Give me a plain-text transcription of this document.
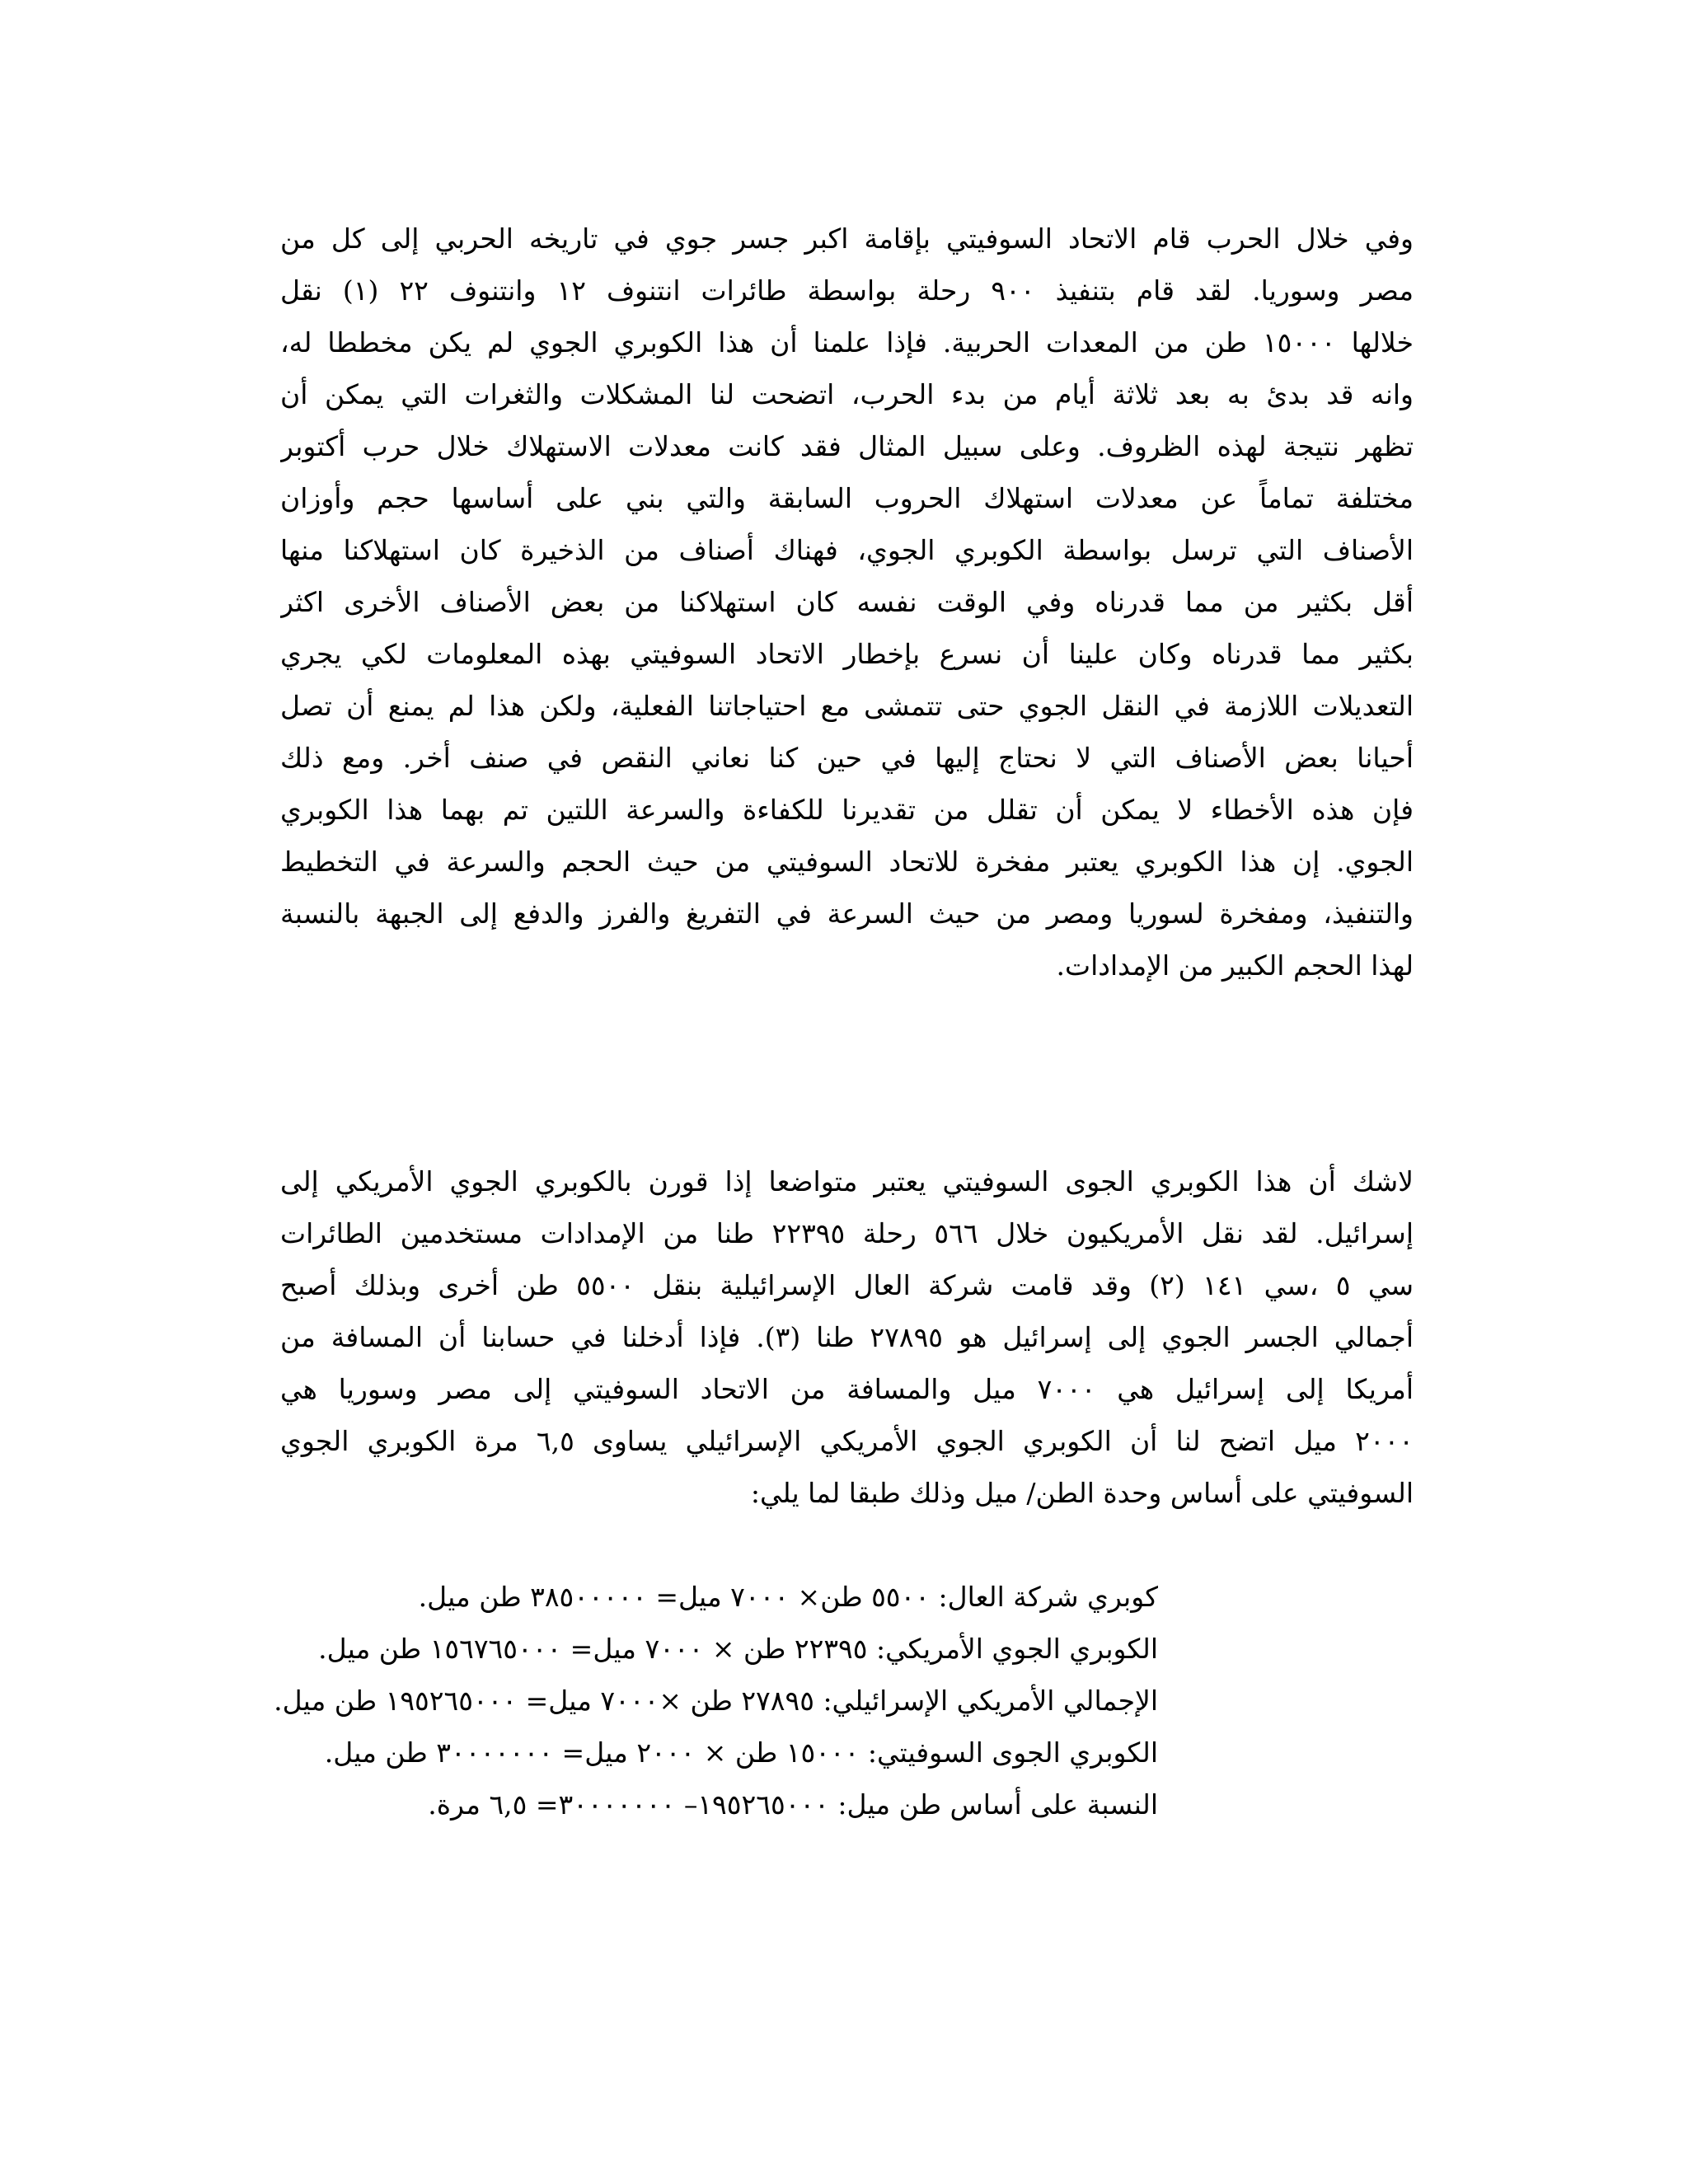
وفي خلال الحرب قام الاتحاد السوفيتي بإقامة اكبر جسر جوي في تاريخه الحربي إلى كل من
مصر وسوريا. لقد قام بتنفيذ ٩٠٠ رحلة بواسطة طائرات انتنوف ١٢ وانتنوف ٢٢ (١) نقل
خلالها ١٥٠٠٠ طن من المعدات الحربية. فإذا علمنا أن هذا الكوبري الجوي لم يكن مخططا له،
وانه قد بدئ به بعد ثلاثة أيام من بدء الحرب، اتضحت لنا المشكلات والثغرات التي يمكن أن
تظهر نتيجة لهذه الظروف. وعلى سبيل المثال فقد كانت معدلات الاستهلاك خلال حرب أكتوبر
مختلفة تماماً عن معدلات استهلاك الحروب السابقة والتي بني على أساسها حجم وأوزان
الأصناف التي ترسل بواسطة الكوبري الجوي، فهناك أصناف من الذخيرة كان استهلاكنا منها
أقل بكثير من مما قدرناه وفي الوقت نفسه كان استهلاكنا من بعض الأصناف الأخرى اكثر
بكثير مما قدرناه وكان علينا أن نسرع بإخطار الاتحاد السوفيتي بهذه المعلومات لكي يجري
التعديلات اللازمة في النقل الجوي حتى تتمشى مع احتياجاتنا الفعلية، ولكن هذا لم يمنع أن تصل
أحيانا بعض الأصناف التي لا نحتاج إليها في حين كنا نعاني النقص في صنف أخر. ومع ذلك
فإن هذه الأخطاء لا يمكن أن تقلل من تقديرنا للكفاءة والسرعة اللتين تم بهما هذا الكوبري
الجوي. إن هذا الكوبري يعتبر مفخرة للاتحاد السوفيتي من حيث الحجم والسرعة في التخطيط
والتنفيذ، ومفخرة لسوريا ومصر من حيث السرعة في التفريغ والفرز والدفع إلى الجبهة بالنسبة
لهذا الحجم الكبير من الإمدادات.
لاشك أن هذا الكوبري الجوى السوفيتي يعتبر متواضعا إذا قورن بالكوبري الجوي الأمريكي إلى
إسرائيل. لقد نقل الأمريكيون خلال ٥٦٦ رحلة ٢٢٣٩٥ طنا من الإمدادات مستخدمين الطائرات
سي ٥ ،سي ١٤١ (٢) وقد قامت شركة العال الإسرائيلية بنقل ٥٥٠٠ طن أخرى وبذلك أصبح
أجمالي الجسر الجوي إلى إسرائيل هو ٢٧٨٩٥ طنا (٣). فإذا أدخلنا في حسابنا أن المسافة من
أمريكا إلى إسرائيل هي ٧٠٠٠ ميل والمسافة من الاتحاد السوفيتي إلى مصر وسوريا هي
٢٠٠٠ ميل اتضح لنا أن الكوبري الجوي الأمريكي الإسرائيلي يساوى ٦,٥ مرة الكوبري الجوي
السوفيتي على أساس وحدة الطن/ ميل وذلك طبقا لما يلي:
كوبري شركة العال: ٥٥٠٠ طن× ٧٠٠٠ ميل= ٣٨٥٠٠٠٠٠ طن ميل.
الكوبري الجوي الأمريكي: ٢٢٣٩٥ طن × ٧٠٠٠ ميل= ١٥٦٧٦٥٠٠٠ طن ميل.
الإجمالي الأمريكي الإسرائيلي: ٢٧٨٩٥ طن ×٧٠٠٠ ميل= ١٩٥٢٦٥٠٠٠ طن ميل.
الكوبري الجوى السوفيتي: ١٥٠٠٠ طن × ٢٠٠٠ ميل= ٣٠٠٠٠٠٠٠ طن ميل.
النسبة على أساس طن ميل: ١٩٥٢٦٥٠٠٠– ٣٠٠٠٠٠٠٠= ٦,٥ مرة.
